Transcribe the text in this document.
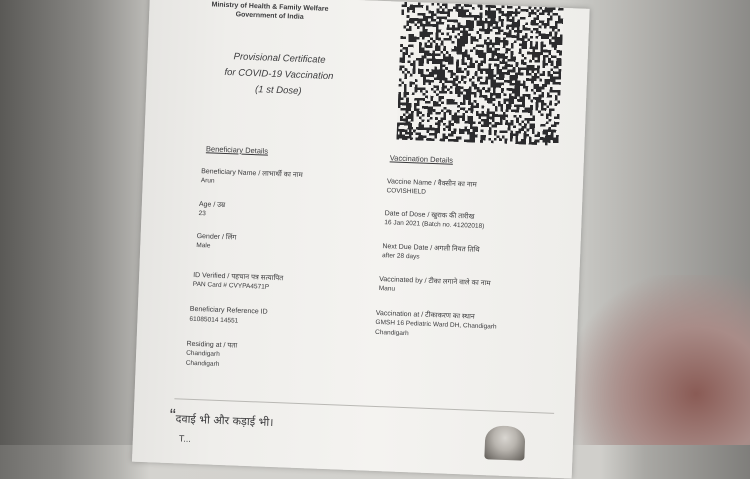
Ministry of Health & Family Welfare
Government of India
Provisional Certificate
for COVID-19 Vaccination
(1 st Dose)
Beneficiary Details
Beneficiary Name / लाभार्थी का नाम
Arun
Age / उम्र
23
Gender / लिंग
Male
ID Verified / पहचान पत्र सत्यापित
PAN Card # CVYPA4571P
Beneficiary Reference ID
61085014 14551
Residing at / पता
Chandigarh
Chandigarh
Vaccination Details
Vaccine Name / वैक्सीन का नाम
COVISHIELD
Date of Dose / खुराक की तारीख
16 Jan 2021 (Batch no. 41202018)
Next Due Date / अगली नियत तिथि
after 28 days
Vaccinated by / टीका लगाने वाले का नाम
Manu
Vaccination at / टीकाकरण का स्थान
GMSH 16 Pediatric Ward DH, Chandigarh
Chandigarh
“ दवाई भी और कड़ाई भी।
T...
